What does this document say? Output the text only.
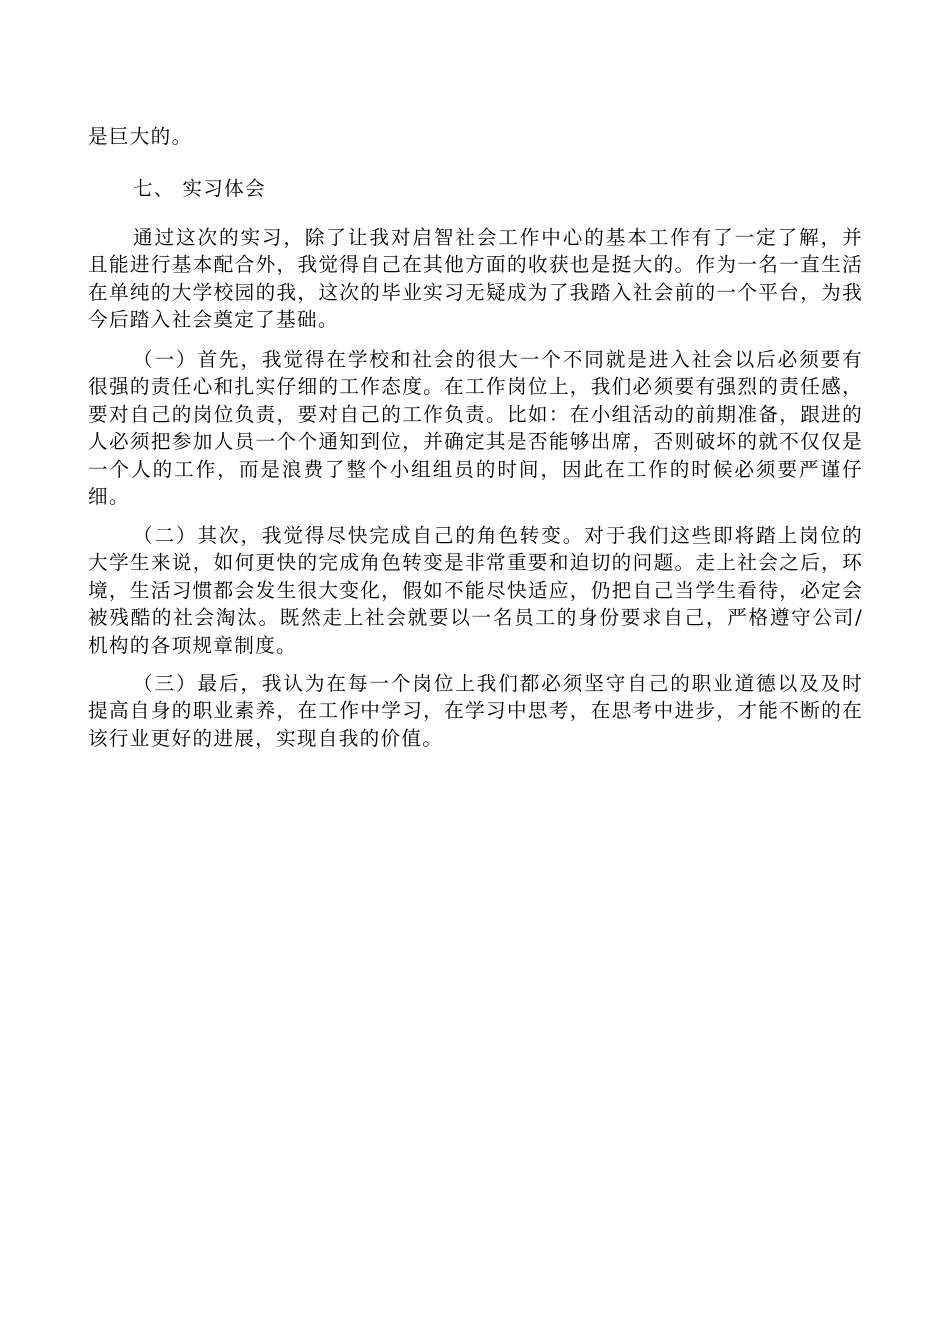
是巨大的。

七、 实习体会

通过这次的实习，除了让我对启智社会工作中心的基本工作有了一定了解，并且能进行基本配合外，我觉得自己在其他方面的收获也是挺大的。作为一名一直生活在单纯的大学校园的我，这次的毕业实习无疑成为了我踏入社会前的一个平台，为我今后踏入社会奠定了基础。

（一）首先，我觉得在学校和社会的很大一个不同就是进入社会以后必须要有很强的责任心和扎实仔细的工作态度。在工作岗位上，我们必须要有强烈的责任感，要对自己的岗位负责，要对自己的工作负责。比如：在小组活动的前期准备，跟进的人必须把参加人员一个个通知到位，并确定其是否能够出席，否则破坏的就不仅仅是一个人的工作，而是浪费了整个小组组员的时间，因此在工作的时候必须要严谨仔细。

（二）其次，我觉得尽快完成自己的角色转变。对于我们这些即将踏上岗位的大学生来说，如何更快的完成角色转变是非常重要和迫切的问题。走上社会之后，环境，生活习惯都会发生很大变化，假如不能尽快适应，仍把自己当学生看待，必定会被残酷的社会淘汰。既然走上社会就要以一名员工的身份要求自己，严格遵守公司/机构的各项规章制度。

（三）最后，我认为在每一个岗位上我们都必须坚守自己的职业道德以及及时提高自身的职业素养，在工作中学习，在学习中思考，在思考中进步，才能不断的在该行业更好的进展，实现自我的价值。
